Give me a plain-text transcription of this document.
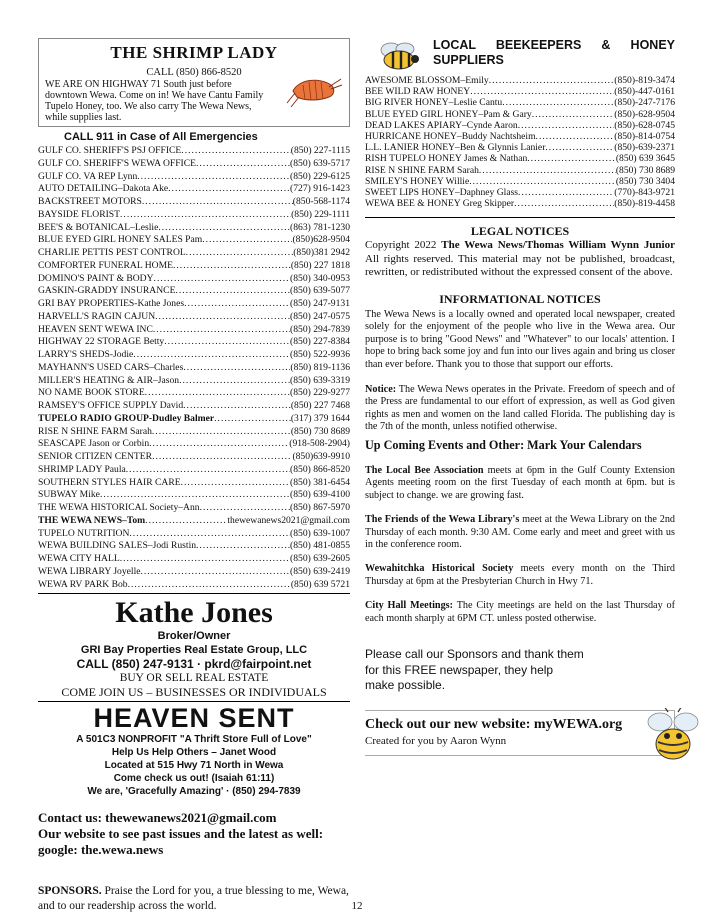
THE SHRIMP LADY
CALL (850) 866-8520
WE ARE ON HIGHWAY 71 South just before downtown Wewa. Come on in! We have Cantu Family Tupelo Honey, too. We also carry The Wewa News, while supplies last.
CALL 911 in Case of All Emergencies
GULF CO. SHERIFF'S PSJ OFFICE .....	(850) 227-1115
GULF CO. SHERIFF'S WEWA OFFICE .....	(850) 639-5717
GULF CO. VA REP Lynn .....	(850) 229-6125
AUTO DETAILING–Dakota Ake .....	(727) 916-1423
BACKSTREET MOTORS .....	(850-568-1174
BAYSIDE FLORIST .....	(850) 229-1111
BEE'S & BOTANICAL–Leslie .....	(863) 781-1230
BLUE EYED GIRL HONEY SALES Pam .....	(850)628-9504
CHARLIE PETTIS PEST CONTROL .....	(850)381 2942
COMFORTER FUNERAL HOME .....	(850) 227 1818
DOMINO'S PAINT & BODY .....	(850) 340-0953
GASKIN-GRADDY INSURANCE .....	(850) 639-5077
GRI BAY PROPERTIES-Kathe Jones .....	(850) 247-9131
HARVELL'S RAGIN CAJUN .....	(850) 247-0575
HEAVEN SENT WEWA INC .....	(850) 294-7839
HIGHWAY 22 STORAGE Betty .....	(850) 227-8384
LARRY'S SHEDS-Jodie .....	(850) 522-9936
MAYHANN'S USED CARS–Charles .....	(850) 819-1136
MILLER'S HEATING & AIR–Jason .....	(850) 639-3319
NO NAME BOOK STORE .....	(850) 229-9277
RAMSEY'S OFFICE SUPPLY David .....	(850) 227 7468
TUPELO RADIO GROUP-Dudley Balmer .....	(317) 379 1644
RISE N SHINE FARM Sarah .....	(850) 730 8689
SEASCAPE Jason or Corbin .....	(918-508-2904)
SENIOR CITIZEN CENTER .....	(850)639-9910
SHRIMP LADY Paula .....	(850) 866-8520
SOUTHERN STYLES HAIR CARE .....	(850) 381-6454
SUBWAY Mike .....	(850) 639-4100
THE WEWA HISTORICAL Society–Ann .....	(850) 867-5970
THE WEWA NEWS–Tom .....	thewewanews2021@gmail.com
TUPELO NUTRITION .....	(850) 639-1007
WEWA BUILDING SALES–Jodi Rustin .....	(850) 481-0855
WEWA CITY HALL .....	(850) 639-2605
WEWA LIBRARY Joyelle .....	(850) 639-2419
WEWA RV PARK Bob .....	(850) 639 5721
Kathe Jones
Broker/Owner
GRI Bay Properties Real Estate Group, LLC
CALL (850) 247-9131 · pkrd@fairpoint.net
BUY OR SELL REAL ESTATE
COME JOIN US – BUSINESSES OR INDIVIDUALS
HEAVEN SENT
A 501C3 NONPROFIT "A Thrift Store Full of Love"
Help Us Help Others – Janet Wood
Located at 515 Hwy 71 North in Wewa
Come check us out! (Isaiah 61:11)
We are, 'Gracefully Amazing' · (850) 294-7839
Contact us: thewewanews2021@gmail.com
Our website to see past issues and the latest as well:
google: the.wewa.news
SPONSORS. Praise the Lord for you, a true blessing to me, Wewa, and to our readership across the world.
LOCAL BEEKEEPERS & HONEY SUPPLIERS
AWESOME BLOSSOM–Emily .....	(850)-819-3474
BEE WILD RAW HONEY .....	(850)-447-0161
BIG RIVER HONEY–Leslie Cantu .....	(850)-247-7176
BLUE EYED GIRL HONEY–Pam & Gary .....	(850)-628-9504
DEAD LAKES APIARY–Cynde Aaron .....	(850)-628-0745
HURRICANE HONEY–Buddy Nachtsheim .....	(850)-814-0754
L.L. LANIER HONEY–Ben & Glynnis Lanier .....	(850)-639-2371
RISH TUPELO HONEY James & Nathan .....	(850) 639 3645
RISE N SHINE FARM Sarah .....	(850) 730 8689
SMILEY'S HONEY Willie .....	(850) 730 3404
SWEET LIPS HONEY–Daphney Glass .....	(770)-843-9721
WEWA BEE & HONEY Greg Skipper .....	(850)-819-4458
LEGAL NOTICES
Copyright 2022 The Wewa News/Thomas William Wynn Junior All rights reserved. This material may not be published, broadcast, rewritten, or redistributed without the expressed consent of the above.
INFORMATIONAL NOTICES
The Wewa News is a locally owned and operated local newspaper, created solely for the enjoyment of the people who live in the Wewa area. Our purpose is to bring "Good News" and "Whatever" to our locals' attention. I hope to bring back some joy and fun into our lives again and bring us closer than ever before. Thank you to those that support our efforts.
Notice: The Wewa News operates in the Private. Freedom of speech and of the Press are fundamental to our effort of expression, as well as God given rights as men and women on the land called Florida. The publishing day is the 7th of the month, unless notified otherwise.
Up Coming Events and Other: Mark Your Calendars
The Local Bee Association meets at 6pm in the Gulf County Extension Agents meeting room on the first Tuesday of each month at 6pm. but is subject to change. we are growing fast.
The Friends of the Wewa Library's meet at the Wewa Library on the 2nd Thursday of each month. 9:30 AM. Come early and meet and greet with us in the conference room.
Wewahitchka Historical Society meets every month on the Third Thursday at 6pm at the Presbyterian Church in Hwy 71.
City Hall Meetings: The City meetings are held on the last Thursday of each month sharply at 6PM CT. unless posted otherwise.
Please call our Sponsors and thank them for this FREE newspaper, they help make possible.
Check out our new website: myWEWA.org
Created for you by Aaron Wynn
12
